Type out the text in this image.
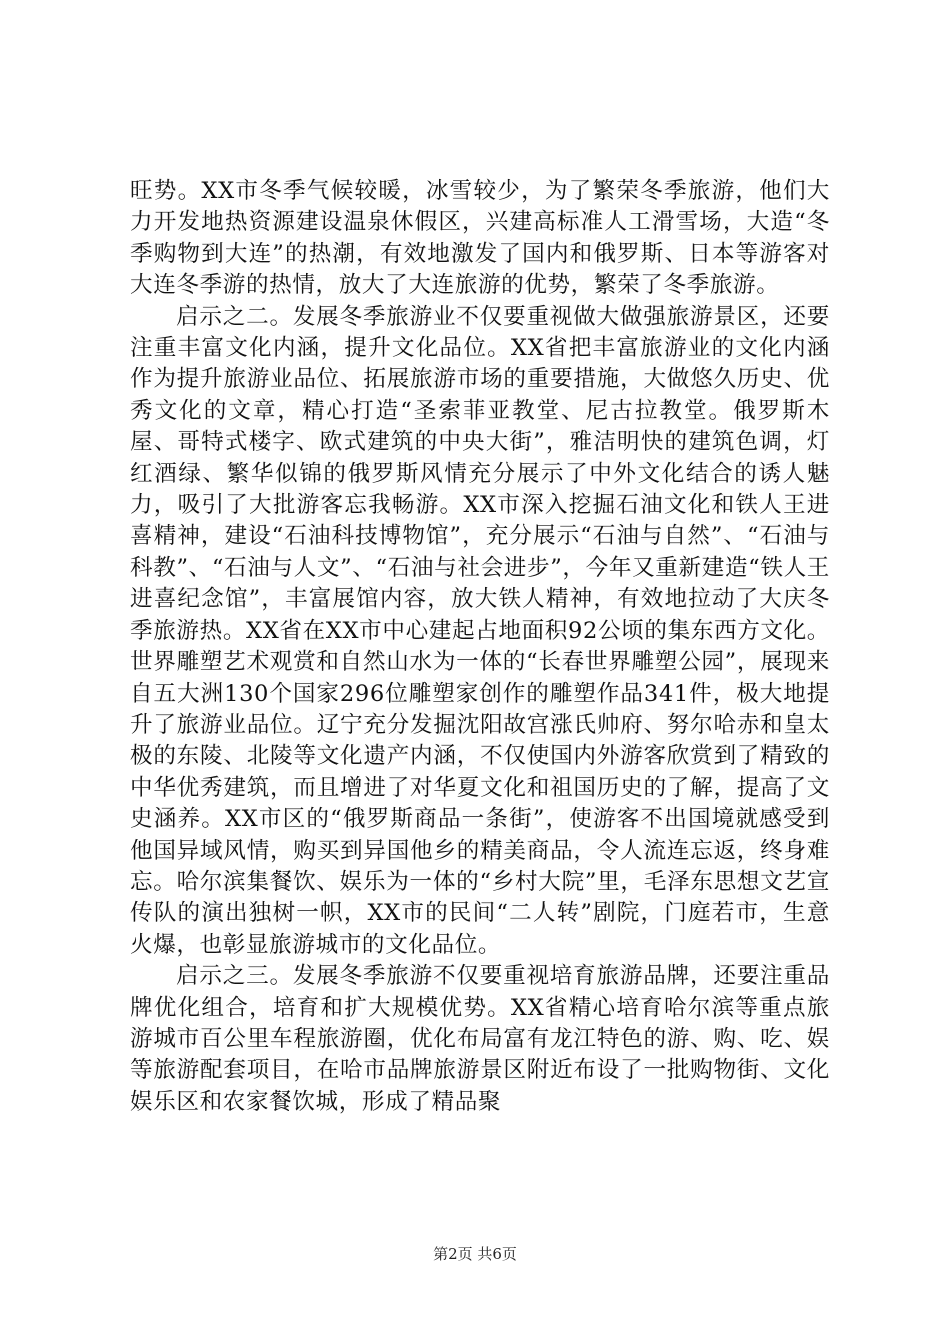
旺势。XX市冬季气候较暖，冰雪较少，为了繁荣冬季旅游，他们大力开发地热资源建设温泉休假区，兴建高标准人工滑雪场，大造“冬季购物到大连”的热潮，有效地激发了国内和俄罗斯、日本等游客对大连冬季游的热情，放大了大连旅游的优势，繁荣了冬季旅游。

启示之二。发展冬季旅游业不仅要重视做大做强旅游景区，还要注重丰富文化内涵，提升文化品位。XX省把丰富旅游业的文化内涵作为提升旅游业品位、拓展旅游市场的重要措施，大做悠久历史、优秀文化的文章，精心打造“圣索菲亚教堂、尼古拉教堂。俄罗斯木屋、哥特式楼字、欧式建筑的中央大街”，雅洁明快的建筑色调，灯红酒绿、繁华似锦的俄罗斯风情充分展示了中外文化结合的诱人魅力，吸引了大批游客忘我畅游。XX市深入挖掘石油文化和铁人王进喜精神，建设“石油科技博物馆”，充分展示“石油与自然”、“石油与科教”、“石油与人文”、“石油与社会进步”，今年又重新建造“铁人王进喜纪念馆”，丰富展馆内容，放大铁人精神，有效地拉动了大庆冬季旅游热。XX省在XX市中心建起占地面积92公顷的集东西方文化。世界雕塑艺术观赏和自然山水为一体的“长春世界雕塑公园”，展现来自五大洲130个国家296位雕塑家创作的雕塑作品341件，极大地提升了旅游业品位。辽宁充分发掘沈阳故宫涨氏帅府、努尔哈赤和皇太极的东陵、北陵等文化遗产内涵，不仅使国内外游客欣赏到了精致的中华优秀建筑，而且增进了对华夏文化和祖国历史的了解，提高了文史涵养。XX市区的“俄罗斯商品一条街”，使游客不出国境就感受到他国异域风情，购买到异国他乡的精美商品，令人流连忘返，终身难忘。哈尔滨集餐饮、娱乐为一体的“乡村大院”里，毛泽东思想文艺宣传队的演出独树一帜，XX市的民间“二人转”剧院，门庭若市，生意火爆，也彰显旅游城市的文化品位。

启示之三。发展冬季旅游不仅要重视培育旅游品牌，还要注重品牌优化组合，培育和扩大规模优势。XX省精心培育哈尔滨等重点旅游城市百公里车程旅游圈，优化布局富有龙江特色的游、购、吃、娱等旅游配套项目，在哈市品牌旅游景区附近布设了一批购物街、文化娱乐区和农家餐饮城，形成了精品聚

第2页 共6页
